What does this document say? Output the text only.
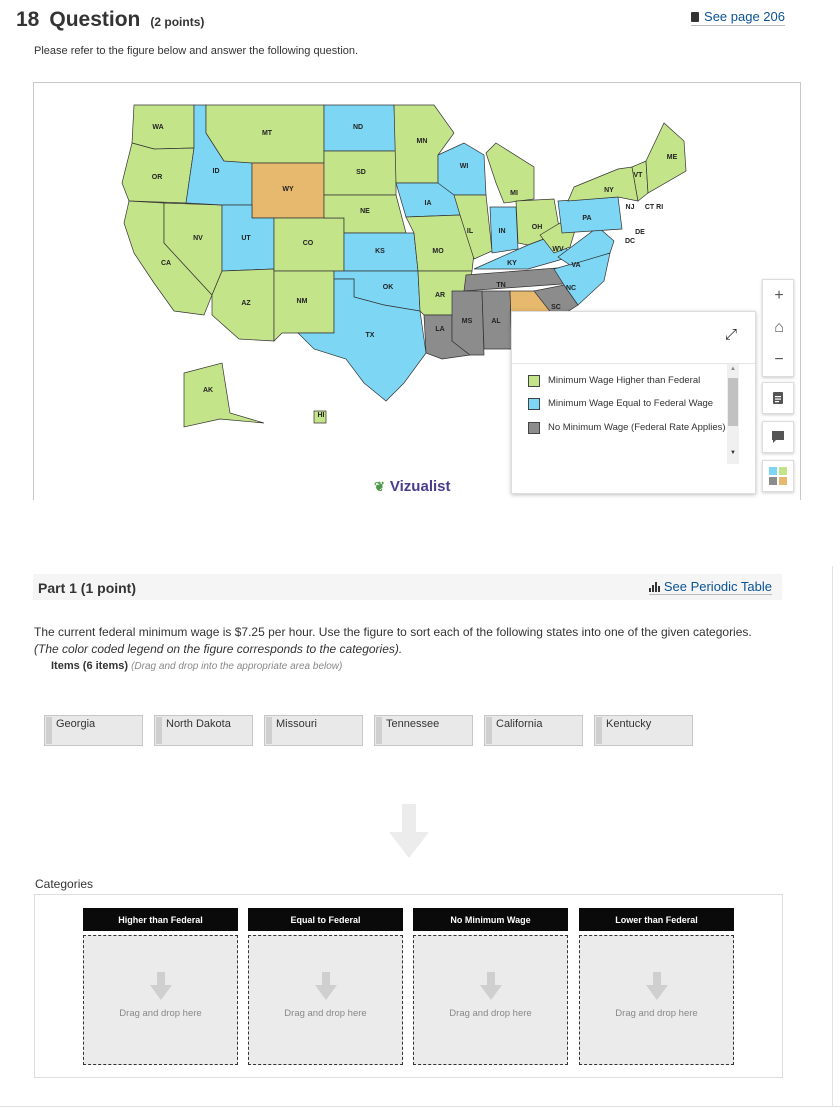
18 Question (2 points)	See page 206
Please refer to the figure below and answer the following question.
WA
OR
CA
NV
ID
MT
WY
UT
AZ
CO
NM
ND
SD
NE
KS
OK
TX
MN
IA
MO
AR
LA
WI
IL
MI
IN
OH
KY
TN
MS	AL
SC
NC
VA
WV
PA
NY
VT
ME
AK
HI
CT RI
NJ
DC
DE
❦ Vizualist
⤢
Minimum Wage Higher than Federal
Minimum Wage Equal to Federal Wage
No Minimum Wage (Federal Rate Applies)
▲
▼
+
⌂
−
Part 1 (1 point)	See Periodic Table
The current federal minimum wage is $7.25 per hour. Use the figure to sort each of the following states into one of the given categories.
(The color coded legend on the figure corresponds to the categories).
Items (6 items) (Drag and drop into the appropriate area below)
Georgia	North Dakota	Missouri	Tennessee	California	Kentucky
Categories
Higher than Federal
Drag and drop here
Equal to Federal
Drag and drop here
No Minimum Wage
Drag and drop here
Lower than Federal
Drag and drop here
